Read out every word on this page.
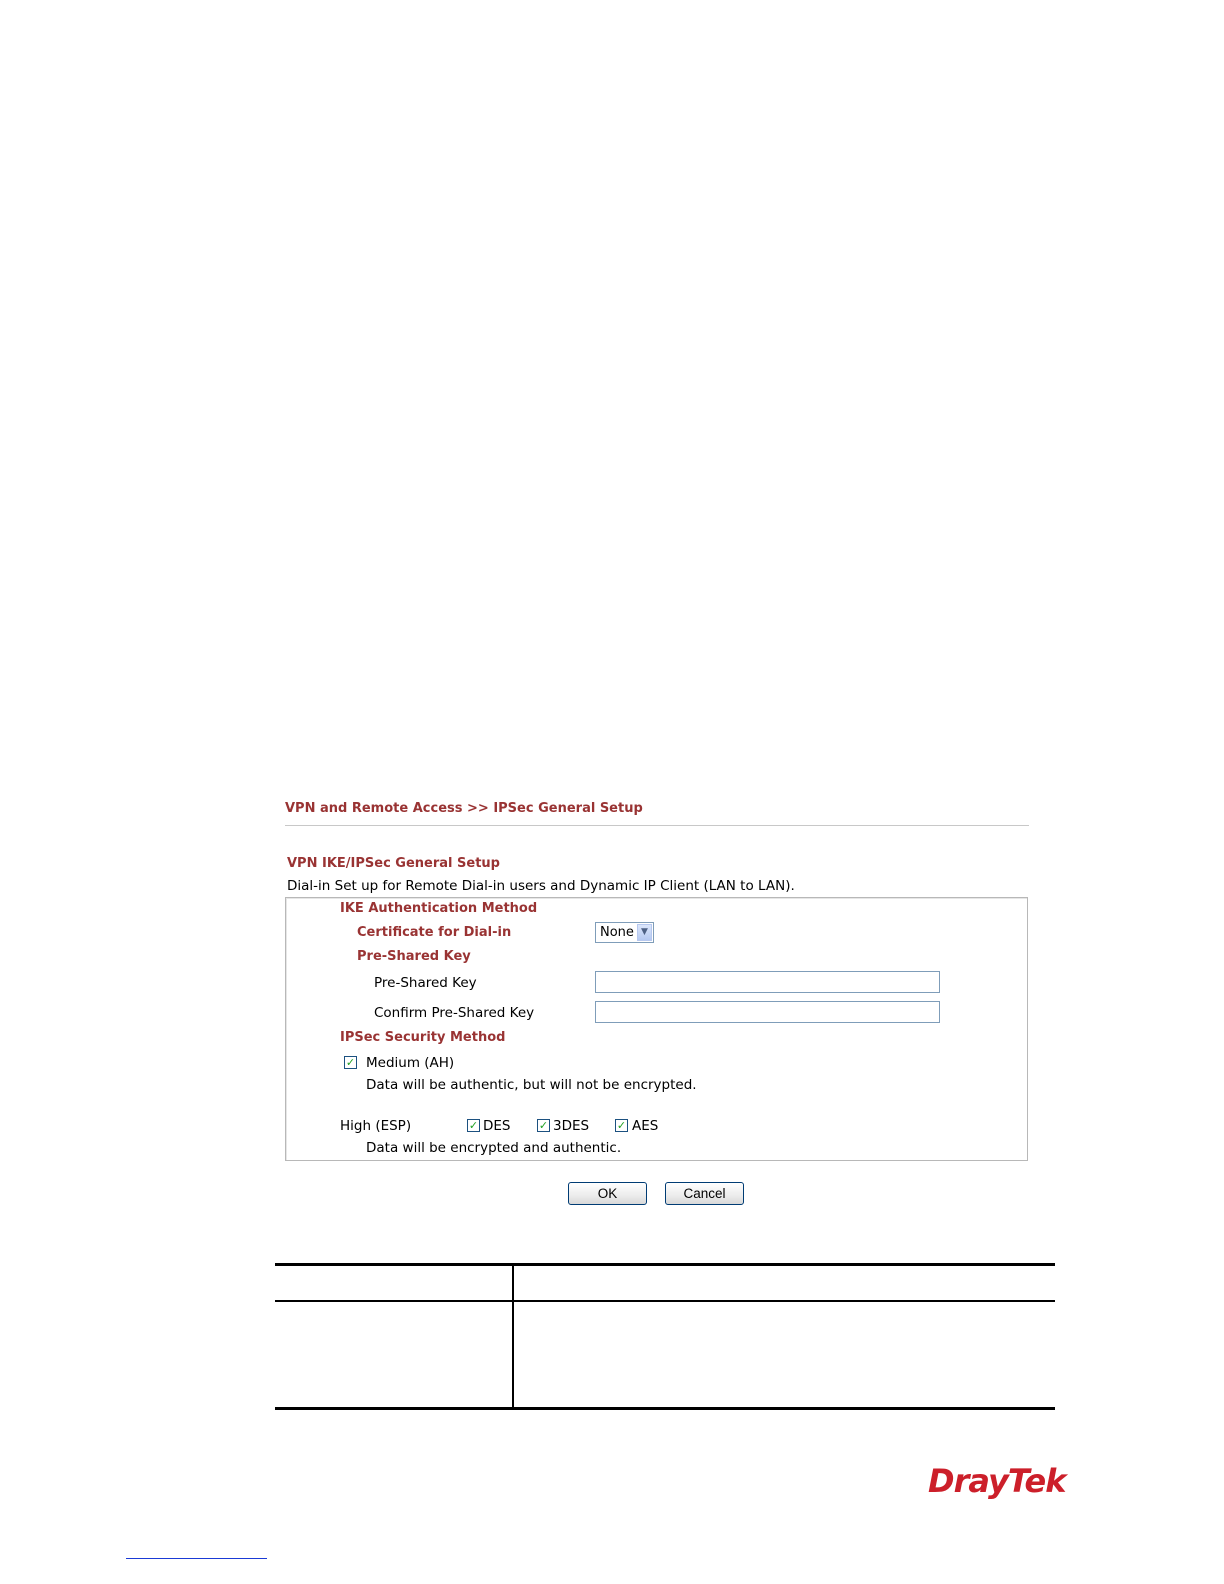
VPN and Remote Access >> IPSec General Setup
VPN IKE/IPSec General Setup
Dial-in Set up for Remote Dial-in users and Dynamic IP Client (LAN to LAN).
IKE Authentication Method
Certificate for Dial-in	None ▼
Pre-Shared Key
Pre-Shared Key
Confirm Pre-Shared Key
IPSec Security Method
✓ Medium (AH)
Data will be authentic, but will not be encrypted.
High (ESP)	✓ DES	✓ 3DES	✓ AES
Data will be encrypted and authentic.
OK	Cancel
DrayTek
